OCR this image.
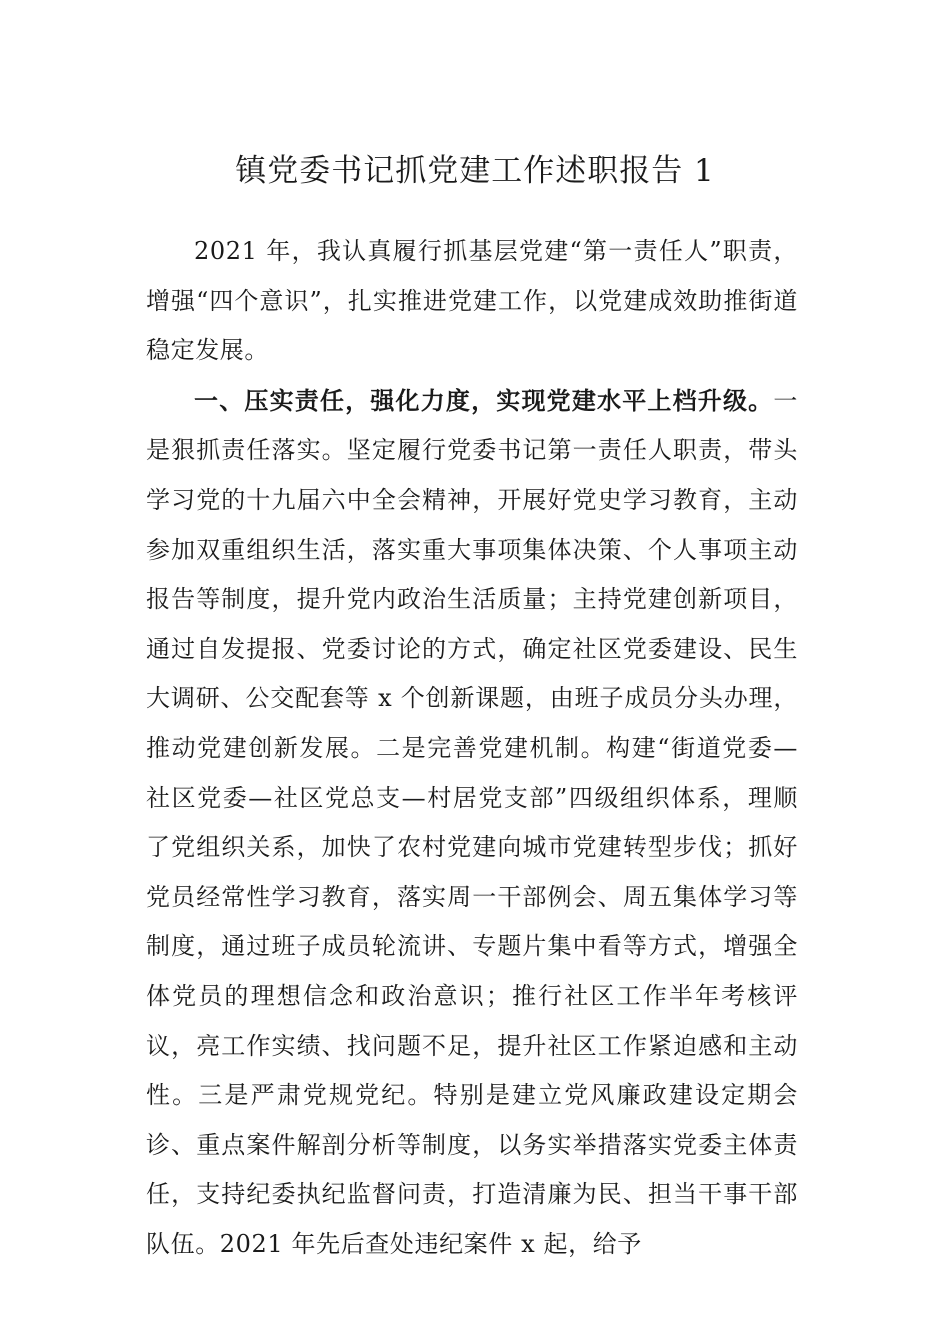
镇党委书记抓党建工作述职报告 1

2021 年，我认真履行抓基层党建“第一责任人”职责，增强“四个意识”，扎实推进党建工作，以党建成效助推街道稳定发展。

一、压实责任，强化力度，实现党建水平上档升级。一是狠抓责任落实。坚定履行党委书记第一责任人职责，带头学习党的十九届六中全会精神，开展好党史学习教育，主动参加双重组织生活，落实重大事项集体决策、个人事项主动报告等制度，提升党内政治生活质量；主持党建创新项目，通过自发提报、党委讨论的方式，确定社区党委建设、民生大调研、公交配套等 x 个创新课题，由班子成员分头办理，推动党建创新发展。二是完善党建机制。构建“街道党委—社区党委—社区党总支—村居党支部”四级组织体系，理顺了党组织关系，加快了农村党建向城市党建转型步伐；抓好党员经常性学习教育，落实周一干部例会、周五集体学习等制度，通过班子成员轮流讲、专题片集中看等方式，增强全体党员的理想信念和政治意识；推行社区工作半年考核评议，亮工作实绩、找问题不足，提升社区工作紧迫感和主动性。三是严肃党规党纪。特别是建立党风廉政建设定期会诊、重点案件解剖分析等制度，以务实举措落实党委主体责任，支持纪委执纪监督问责，打造清廉为民、担当干事干部队伍。2021 年先后查处违纪案件 x 起，给予
